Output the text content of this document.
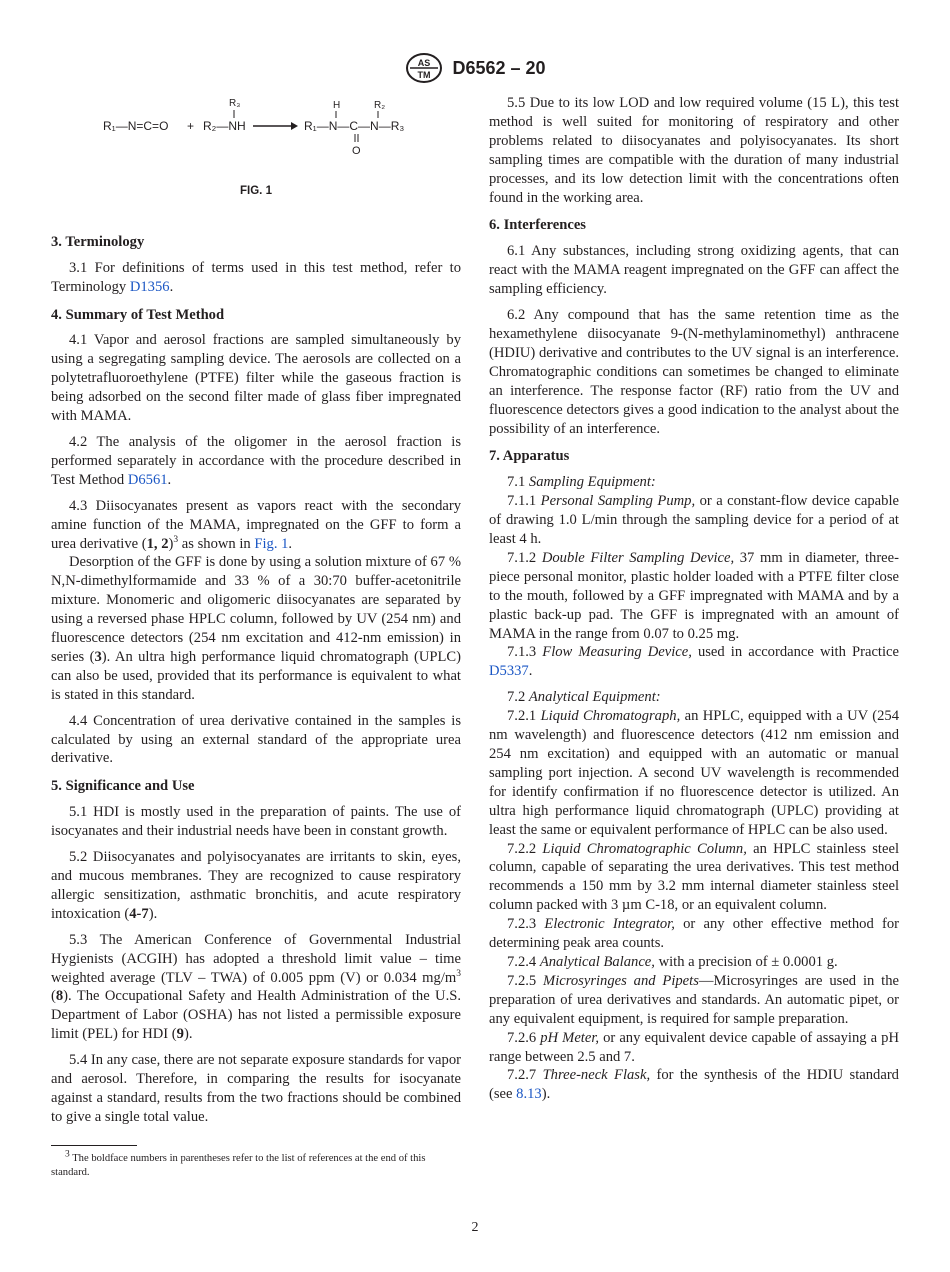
AS
TM D6562 – 20
R₁—N=C=O +
R₃
R₂—NH
H	R₂
R₁—N—C—N—R₃
O
FIG. 1
3. Terminology

3.1 For definitions of terms used in this test method, refer to Terminology D1356.

4. Summary of Test Method

4.1 Vapor and aerosol fractions are sampled simultaneously by using a segregating sampling device. The aerosols are collected on a polytetrafluoroethylene (PTFE) filter while the gaseous fraction is being adsorbed on the second filter made of glass fiber impregnated with MAMA.

4.2 The analysis of the oligomer in the aerosol fraction is performed separately in accordance with the procedure described in Test Method D6561.

4.3 Diisocyanates present as vapors react with the secondary amine function of the MAMA, impregnated on the GFF to form a urea derivative (1, 2)$^3$ as shown in Fig. 1.

Desorption of the GFF is done by using a solution mixture of 67 % N,N-dimethylformamide and 33 % of a 30:70 buffer-acetonitrile mixture. Monomeric and oligomeric diisocyanates are separated by using a reversed phase HPLC column, followed by UV (254 nm) and fluorescence detectors (254 nm excitation and 412-nm emission) in series (3). An ultra high performance liquid chromatograph (UPLC) can also be used, provided that its performance is equivalent to what is stated in this standard.

4.4 Concentration of urea derivative contained in the samples is calculated by using an external standard of the appropriate urea derivative.

5. Significance and Use

5.1 HDI is mostly used in the preparation of paints. The use of isocyanates and their industrial needs have been in constant growth.

5.2 Diisocyanates and polyisocyanates are irritants to skin, eyes, and mucous membranes. They are recognized to cause respiratory allergic sensitization, asthmatic bronchitis, and acute respiratory intoxication (4-7).

5.3 The American Conference of Governmental Industrial Hygienists (ACGIH) has adopted a threshold limit value – time weighted average (TLV – TWA) of 0.005 ppm (V) or 0.034 $mg/m^3$ (8). The Occupational Safety and Health Administration of the U.S. Department of Labor (OSHA) has not listed a permissible exposure limit (PEL) for HDI (9).

5.4 In any case, there are not separate exposure standards for vapor and aerosol. Therefore, in comparing the results for isocyanate against a standard, results from the two fractions should be combined to give a single total value.

$^3$ The boldface numbers in parentheses refer to the list of references at the end of this standard.

5.5 Due to its low LOD and low required volume (15 L), this test method is well suited for monitoring of respiratory and other problems related to diisocyanates and polyisocyanates. Its short sampling times are compatible with the duration of many industrial processes, and its low detection limit with the concentrations often found in the working area.

6. Interferences

6.1 Any substances, including strong oxidizing agents, that can react with the MAMA reagent impregnated on the GFF can affect the sampling efficiency.

6.2 Any compound that has the same retention time as the hexamethylene diisocyanate 9-(N-methylaminomethyl) anthracene (HDIU) derivative and contributes to the UV signal is an interference. Chromatographic conditions can sometimes be changed to eliminate an interference. The response factor (RF) ratio from the UV and fluorescence detectors gives a good indication to the analyst about the possibility of an interference.

7. Apparatus

7.1 Sampling Equipment:

7.1.1 Personal Sampling Pump, or a constant-flow device capable of drawing 1.0 L/min through the sampling device for a period of at least 4 h.

7.1.2 Double Filter Sampling Device, 37 mm in diameter, three-piece personal monitor, plastic holder loaded with a PTFE filter close to the mouth, followed by a GFF impregnated with MAMA and by a plastic back-up pad. The GFF is impregnated with an amount of MAMA in the range from 0.07 to 0.25 mg.

7.1.3 Flow Measuring Device, used in accordance with Practice D5337.

7.2 Analytical Equipment:

7.2.1 Liquid Chromatograph, an HPLC, equipped with a UV (254 nm wavelength) and fluorescence detectors (412 nm emission and 254 nm excitation) and equipped with an automatic or manual sampling port injection. A second UV wavelength is recommended for identify confirmation if no fluorescence detector is utilized. An ultra high performance liquid chromatograph (UPLC) providing at least the same or equivalent performance of HPLC can be also used.

7.2.2 Liquid Chromatographic Column, an HPLC stainless steel column, capable of separating the urea derivatives. This test method recommends a 150 mm by 3.2 mm internal diameter stainless steel column packed with 3 µm C-18, or an equivalent column.

7.2.3 Electronic Integrator, or any other effective method for determining peak area counts.

7.2.4 Analytical Balance, with a precision of ± 0.0001 g.

7.2.5 Microsyringes and Pipets—Microsyringes are used in the preparation of urea derivatives and standards. An automatic pipet, or any equivalent equipment, is required for sample preparation.

7.2.6 pH Meter, or any equivalent device capable of assaying a pH range between 2.5 and 7.

7.2.7 Three-neck Flask, for the synthesis of the HDIU standard (see 8.13).

2
